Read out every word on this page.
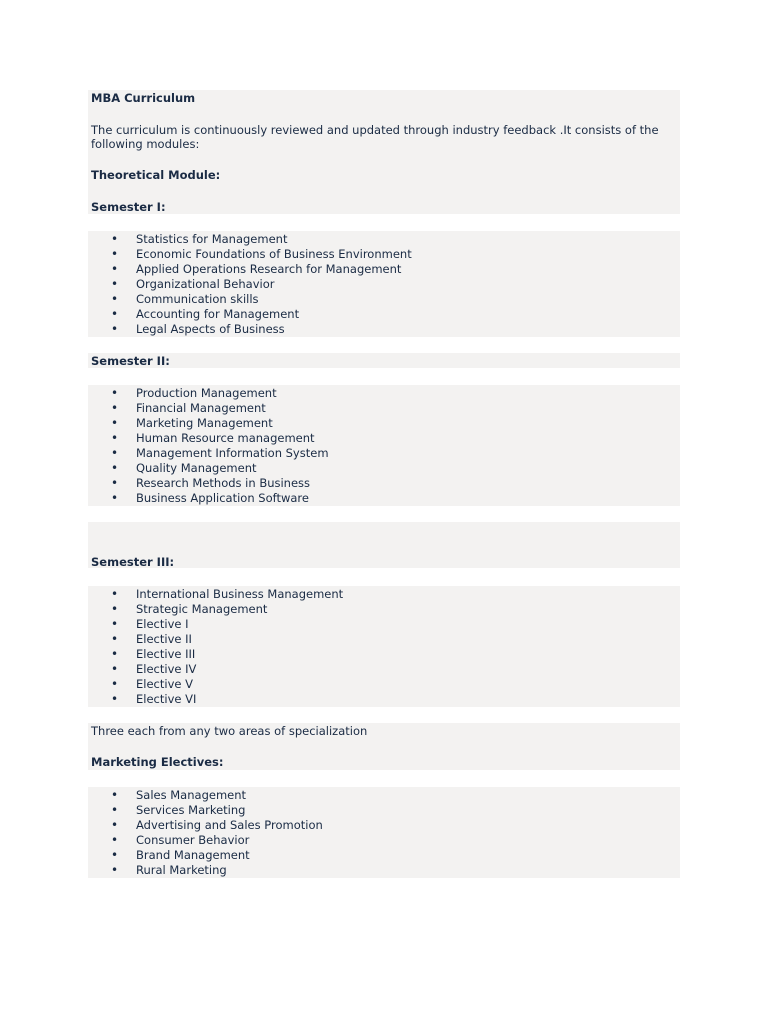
MBA Curriculum
The curriculum is continuously reviewed and updated through industry feedback .It consists of the
following modules:
Theoretical Module:
Semester I:
• Statistics for Management
• Economic Foundations of Business Environment
• Applied Operations Research for Management
• Organizational Behavior
• Communication skills
• Accounting for Management
• Legal Aspects of Business
Semester II:
• Production Management
• Financial Management
• Marketing Management
• Human Resource management
• Management Information System
• Quality Management
• Research Methods in Business
• Business Application Software
Semester III:
• International Business Management
• Strategic Management
• Elective I
• Elective II
• Elective III
• Elective IV
• Elective V
• Elective VI
Three each from any two areas of specialization
Marketing Electives:
• Sales Management
• Services Marketing
• Advertising and Sales Promotion
• Consumer Behavior
• Brand Management
• Rural Marketing
